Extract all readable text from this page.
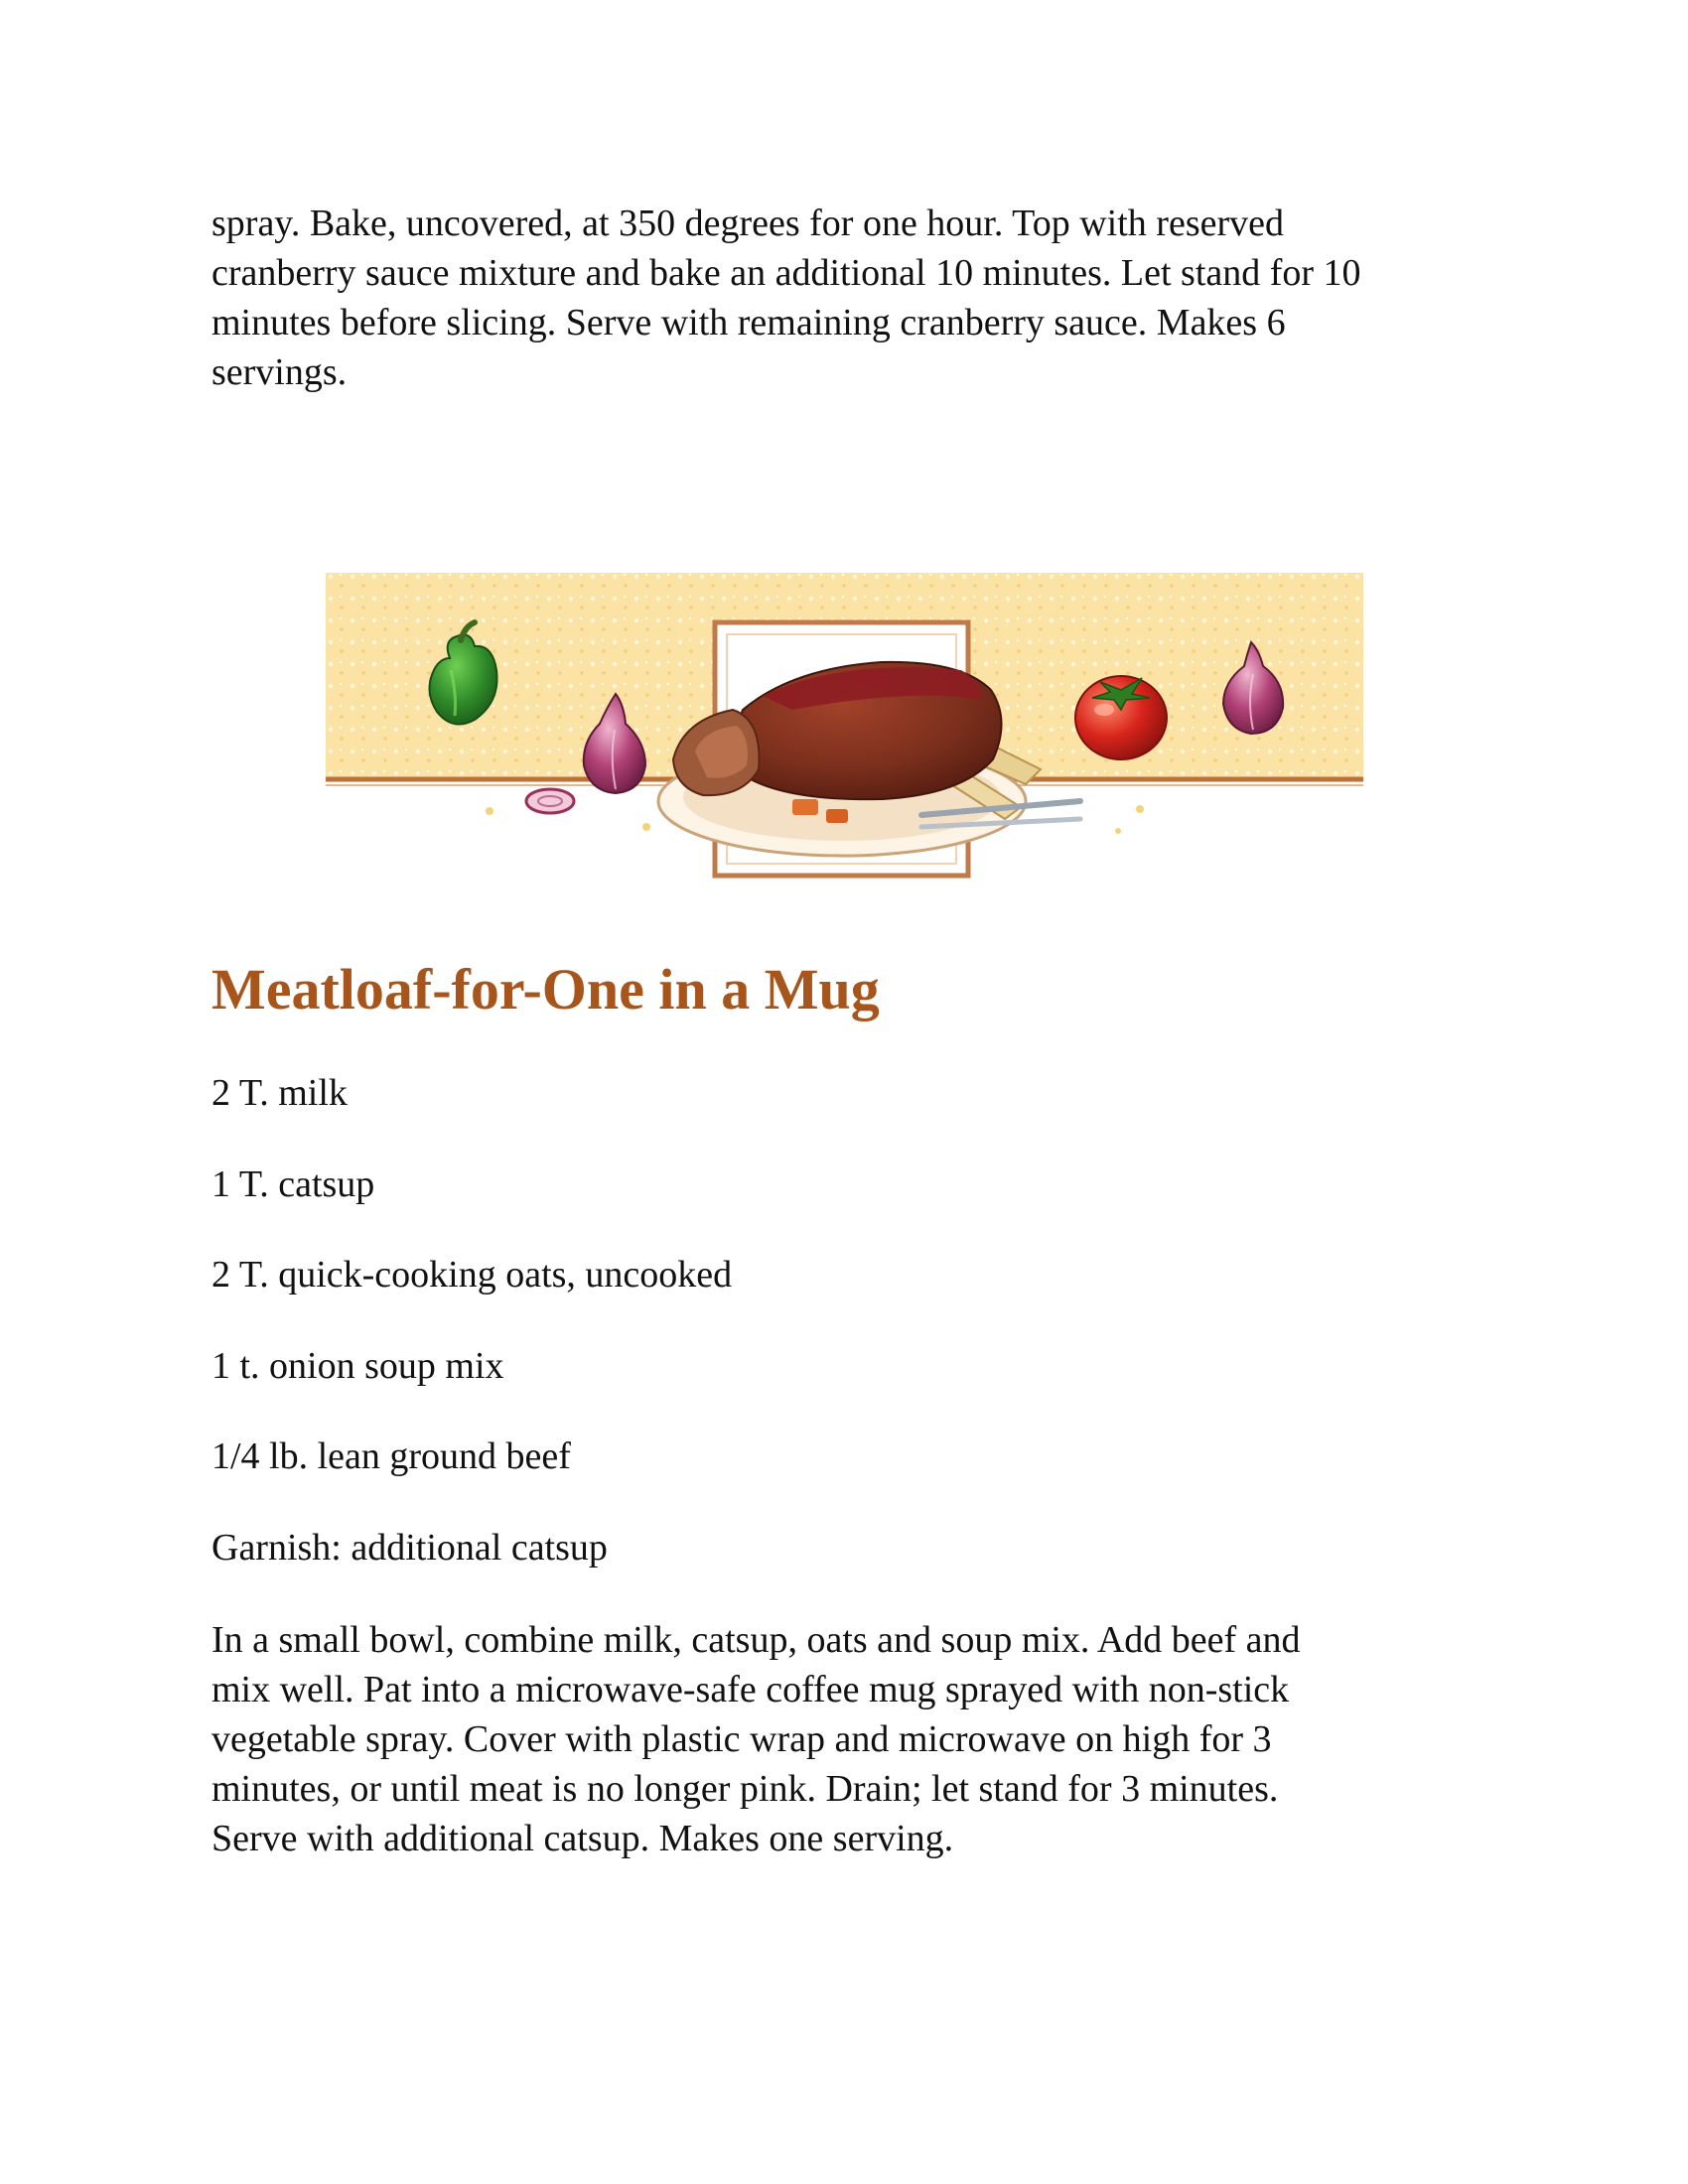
spray. Bake, uncovered, at 350 degrees for one hour. Top with reserved
cranberry sauce mixture and bake an additional 10 minutes. Let stand for 10
minutes before slicing. Serve with remaining cranberry sauce. Makes 6
servings.

Meatloaf-for-One in a Mug
2 T. milk
1 T. catsup
2 T. quick-cooking oats, uncooked
1 t. onion soup mix
1/4 lb. lean ground beef
Garnish: additional catsup

In a small bowl, combine milk, catsup, oats and soup mix. Add beef and
mix well. Pat into a microwave-safe coffee mug sprayed with non-stick
vegetable spray. Cover with plastic wrap and microwave on high for 3
minutes, or until meat is no longer pink. Drain; let stand for 3 minutes.
Serve with additional catsup. Makes one serving.
